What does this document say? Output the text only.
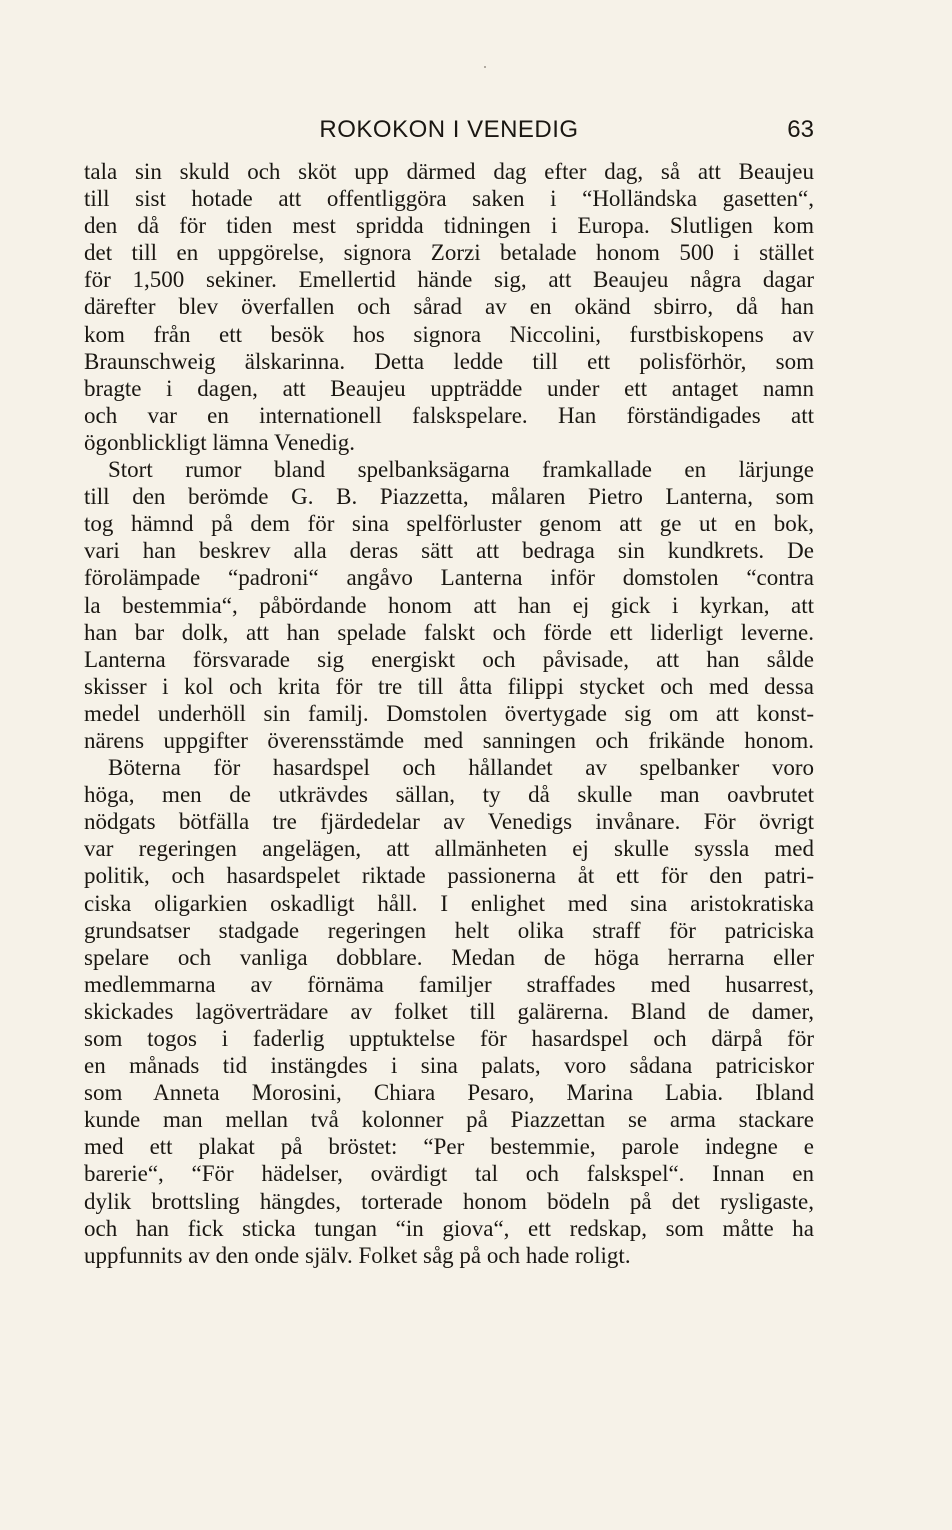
ROKOKON I VENEDIG	63
tala sin skuld och sköt upp därmed dag efter dag, så att Beaujeu
till sist hotade att offentliggöra saken i “Holländska gasetten“,
den då för tiden mest spridda tidningen i Europa. Slutligen kom
det till en uppgörelse, signora Zorzi betalade honom 500 i stället
för 1,500 sekiner. Emellertid hände sig, att Beaujeu några dagar
därefter blev överfallen och sårad av en okänd sbirro, då han
kom från ett besök hos signora Niccolini, furstbiskopens av
Braunschweig älskarinna. Detta ledde till ett polisförhör, som
bragte i dagen, att Beaujeu uppträdde under ett antaget namn
och var en internationell falskspelare. Han förständigades att
ögonblickligt lämna Venedig.
Stort rumor bland spelbanksägarna framkallade en lärjunge
till den berömde G. B. Piazzetta, målaren Pietro Lanterna, som
tog hämnd på dem för sina spelförluster genom att ge ut en bok,
vari han beskrev alla deras sätt att bedraga sin kundkrets. De
förolämpade “padroni“ angåvo Lanterna inför domstolen “contra
la bestemmia“, påbördande honom att han ej gick i kyrkan, att
han bar dolk, att han spelade falskt och förde ett liderligt leverne.
Lanterna försvarade sig energiskt och påvisade, att han sålde
skisser i kol och krita för tre till åtta filippi stycket och med dessa
medel underhöll sin familj. Domstolen övertygade sig om att konst-
närens uppgifter överensstämde med sanningen och frikände honom.
Böterna för hasardspel och hållandet av spelbanker voro
höga, men de utkrävdes sällan, ty då skulle man oavbrutet
nödgats bötfälla tre fjärdedelar av Venedigs invånare. För övrigt
var regeringen angelägen, att allmänheten ej skulle syssla med
politik, och hasardspelet riktade passionerna åt ett för den patri-
ciska oligarkien oskadligt håll. I enlighet med sina aristokratiska
grundsatser stadgade regeringen helt olika straff för patriciska
spelare och vanliga dobblare. Medan de höga herrarna eller
medlemmarna av förnäma familjer straffades med husarrest,
skickades lagöverträdare av folket till galärerna. Bland de damer,
som togos i faderlig upptuktelse för hasardspel och därpå för
en månads tid instängdes i sina palats, voro sådana patriciskor
som Anneta Morosini, Chiara Pesaro, Marina Labia. Ibland
kunde man mellan två kolonner på Piazzettan se arma stackare
med ett plakat på bröstet: “Per bestemmie, parole indegne e
barerie“, “För hädelser, ovärdigt tal och falskspel“. Innan en
dylik brottsling hängdes, torterade honom bödeln på det rysligaste,
och han fick sticka tungan “in giova“, ett redskap, som måtte ha
uppfunnits av den onde själv. Folket såg på och hade roligt.
